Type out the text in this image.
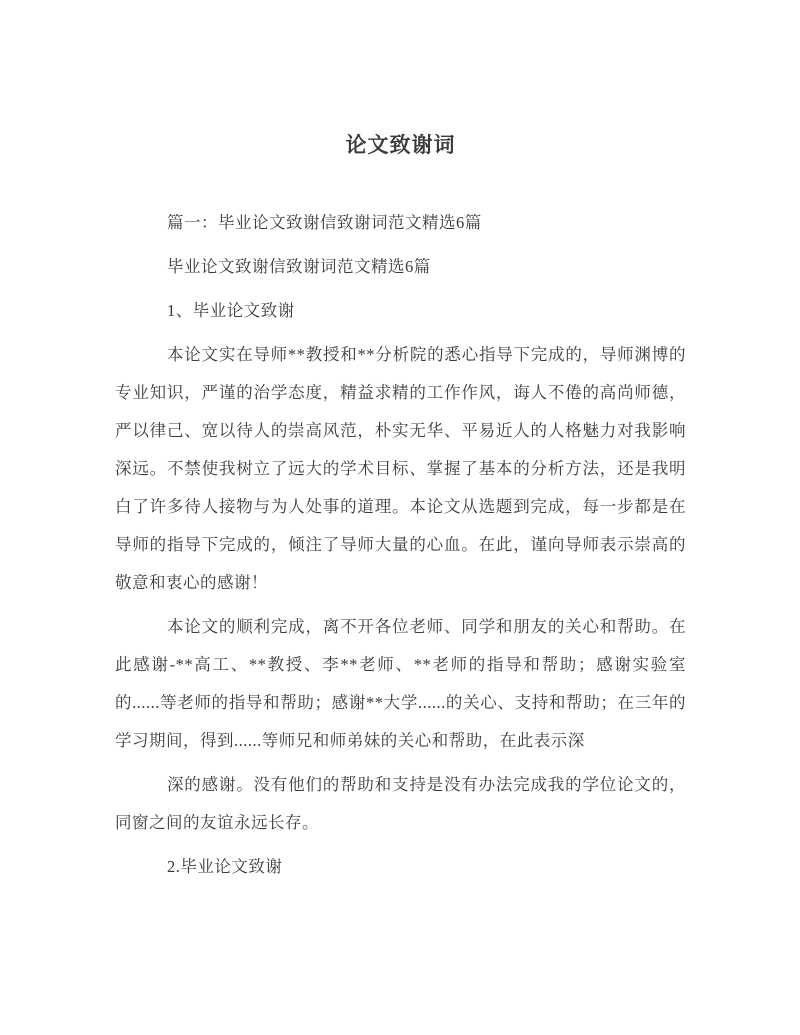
论文致谢词

篇一：毕业论文致谢信致谢词范文精选6篇

毕业论文致谢信致谢词范文精选6篇

1、毕业论文致谢

本论文实在导师**教授和**分析院的悉心指导下完成的，导师渊博的专业知识，严谨的治学态度，精益求精的工作作风，诲人不倦的高尚师德，严以律己、宽以待人的崇高风范，朴实无华、平易近人的人格魅力对我影响深远。不禁使我树立了远大的学术目标、掌握了基本的分析方法，还是我明白了许多待人接物与为人处事的道理。本论文从选题到完成，每一步都是在导师的指导下完成的，倾注了导师大量的心血。在此，谨向导师表示崇高的敬意和衷心的感谢！

本论文的顺利完成，离不开各位老师、同学和朋友的关心和帮助。在此感谢-**高工、**教授、李**老师、**老师的指导和帮助；感谢实验室的......等老师的指导和帮助；感谢**大学......的关心、支持和帮助；在三年的学习期间，得到......等师兄和师弟妹的关心和帮助，在此表示深

深的感谢。没有他们的帮助和支持是没有办法完成我的学位论文的，同窗之间的友谊永远长存。

2.毕业论文致谢
